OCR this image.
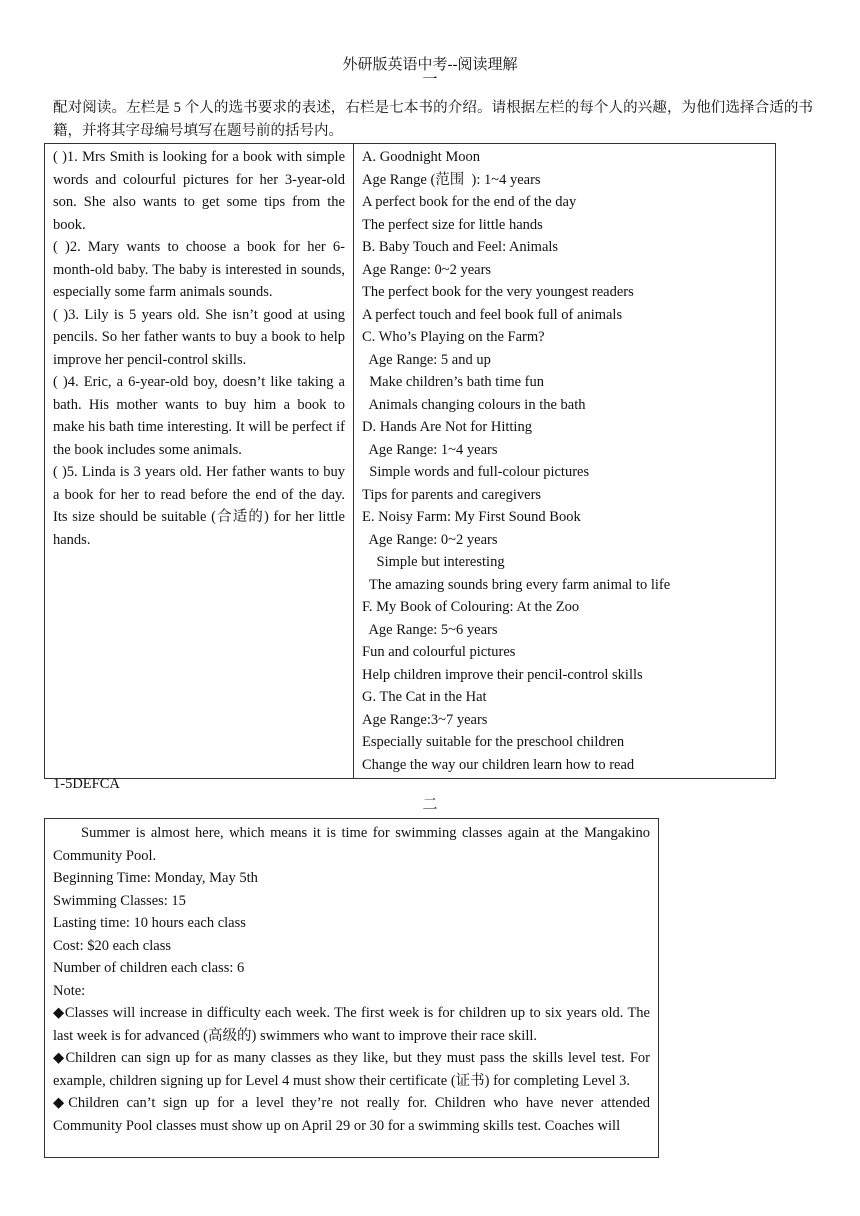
外研版英语中考--阅读理解
一
配对阅读。左栏是 5 个人的选书要求的表述，右栏是七本书的介绍。请根据左栏的每个人的兴趣，为他们选择合适的书籍，并将其字母编号填写在题号前的括号内。

( )1. Mrs Smith is looking for a book with simple words and colourful pictures for her 3-year-old son. She also wants to get some tips from the book.

( )2. Mary wants to choose a book for her 6-month-old baby. The baby is interested in sounds, especially some farm animals sounds.

( )3. Lily is 5 years old. She isn’t good at using pencils. So her father wants to buy a book to help improve her pencil-control skills.

( )4. Eric, a 6-year-old boy, doesn’t like taking a bath. His mother wants to buy him a book to make his bath time interesting. It will be perfect if the book includes some animals.

( )5. Linda is 3 years old. Her father wants to buy a book for her to read before the end of the day. Its size should be suitable (合适的) for her little hands.

A. Goodnight Moon

Age Range (范围  ): 1~4 years

A perfect book for the end of the day

The perfect size for little hands

B. Baby Touch and Feel: Animals

Age Range: 0~2 years

The perfect book for the very youngest readers

A perfect touch and feel book full of animals

C. Who’s Playing on the Farm?

Age Range: 5 and up

Make children’s bath time fun

Animals changing colours in the bath

D. Hands Are Not for Hitting

Age Range: 1~4 years

Simple words and full-colour pictures

Tips for parents and caregivers

E. Noisy Farm: My First Sound Book

Age Range: 0~2 years

Simple but interesting

The amazing sounds bring every farm animal to life

F. My Book of Colouring: At the Zoo

Age Range: 5~6 years

Fun and colourful pictures

Help children improve their pencil-control skills

G. The Cat in the Hat

Age Range:3~7 years

Especially suitable for the preschool children

Change the way our children learn how to read

1-5DEFCA
二

Summer is almost here, which means it is time for swimming classes again at the Mangakino Community Pool.

Beginning Time: Monday, May 5th

Swimming Classes: 15

Lasting time: 10 hours each class

Cost: $20 each class

Number of children each class: 6

Note:

◆Classes will increase in difficulty each week. The first week is for children up to six years old. The last week is for advanced (高级的) swimmers who want to improve their race skill.

◆Children can sign up for as many classes as they like, but they must pass the skills level test. For example, children signing up for Level 4 must show their certificate (证书) for completing Level 3.

◆Children can’t sign up for a level they’re not really for. Children who have never attended Community Pool classes must show up on April 29 or 30 for a swimming skills test. Coaches will
